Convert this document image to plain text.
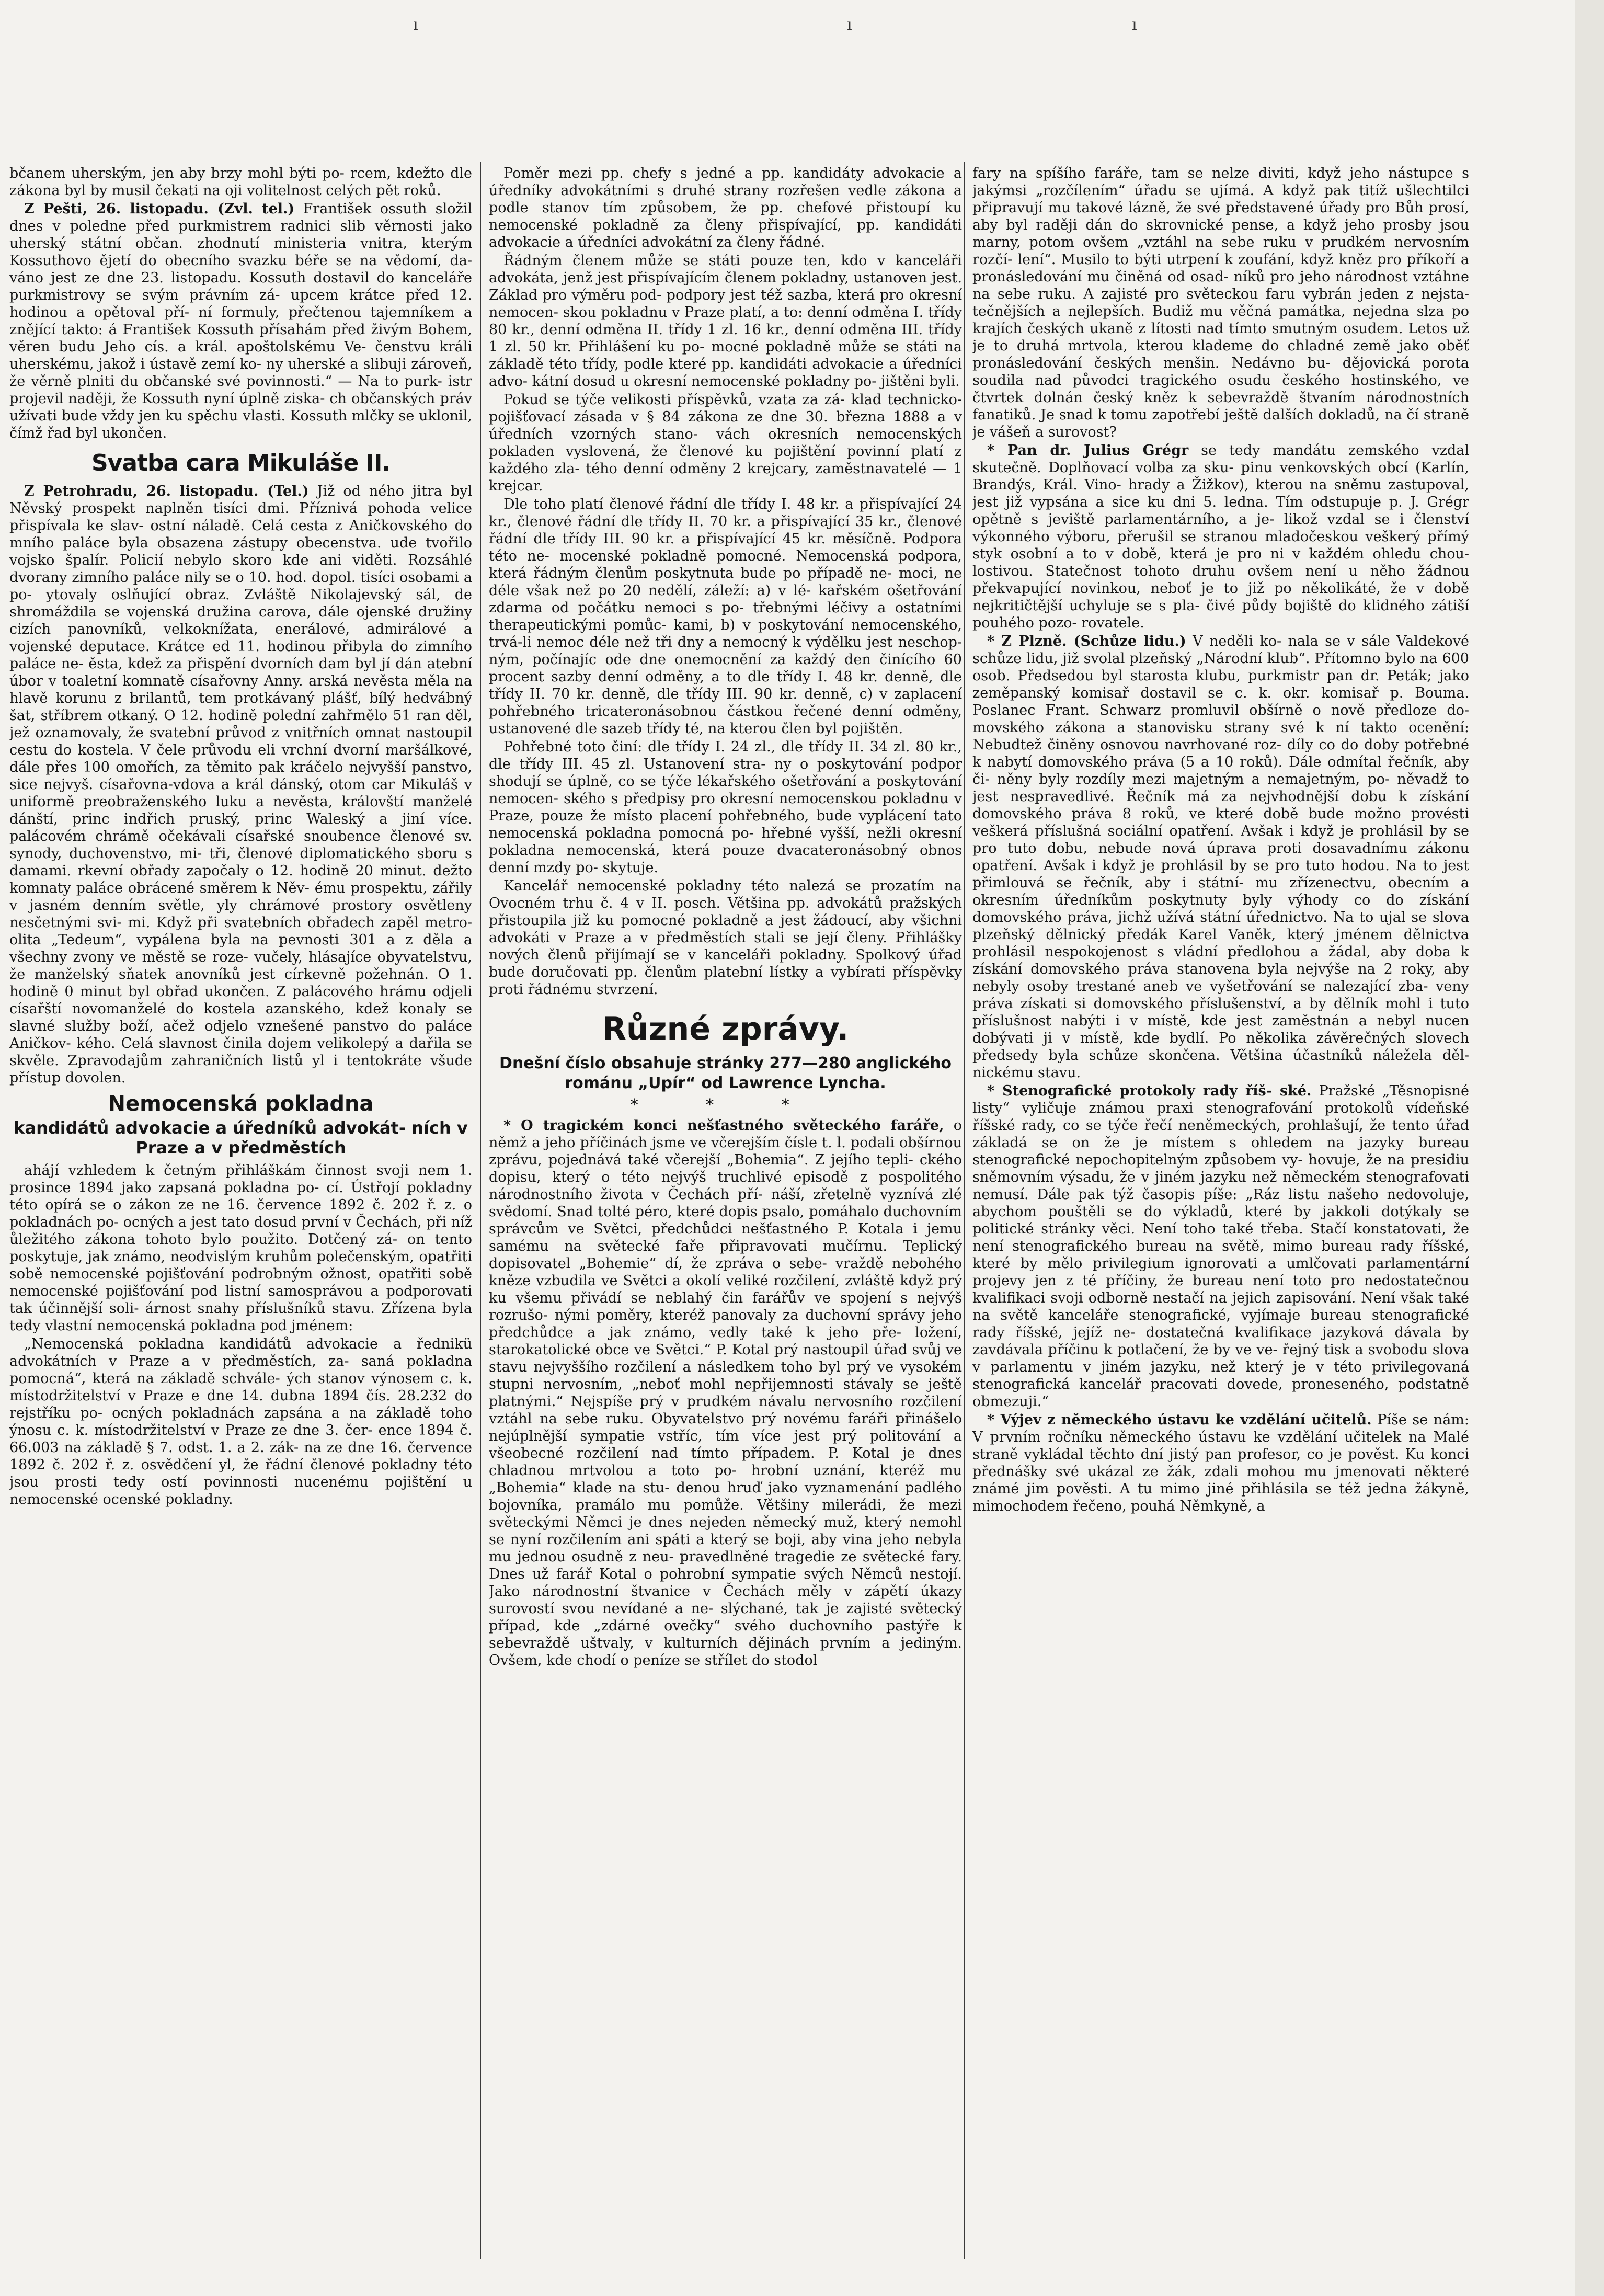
ı	ı	ı

bčanem uherským, jen aby brzy mohl býti po- rcem, kdežto dle zákona byl by musil čekati na oji volitelnost celých pět roků.

Z Pešti, 26. listopadu. (Zvl. tel.) František ossuth složil dnes v poledne před purkmistrem radnici slib věrnosti jako uherský státní občan. zhodnutí ministeria vnitra, kterým Kossuthovo ějetí do obecního svazku béře se na vědomí, da- váno jest ze dne 23. listopadu. Kossuth dostavil do kanceláře purkmistrovy se svým právním zá- upcem krátce před 12. hodinou a opětoval pří- ní formuly, přečtenou tajemníkem a znějící takto: á František Kossuth přísahám před živým Bohem, věren budu Jeho cís. a král. apoštolskému Ve- čenstvu králi uherskému, jakož i ústavě zemí ko- ny uherské a slibuji zároveň, že věrně plniti du občanské své povinnosti.“ — Na to purk- istr projevil naději, že Kossuth nyní úplně ziska- ch občanských práv užívati bude vždy jen ku spěchu vlasti. Kossuth mlčky se uklonil, čímž řad byl ukončen.

Svatba cara Mikuláše II.

Z Petrohradu, 26. listopadu. (Tel.) Již od ného jitra byl Něvský prospekt naplněn tisíci dmi. Příznivá pohoda velice přispívala ke slav- ostní náladě. Celá cesta z Aničkovského do mního paláce byla obsazena zástupy obecenstva. ude tvořilo vojsko špalír. Policií nebylo skoro kde ani viděti. Rozsáhlé dvorany zimního paláce nily se o 10. hod. dopol. tisíci osobami a po- ytovaly oslňující obraz. Zvláště Nikolajevský sál, de shromáždila se vojenská družina carova, dále ojenské družiny cizích panovníků, velkoknížata, enerálové, admirálové a vojenské deputace. Krátce ed 11. hodinou přibyla do zimního paláce ne- ěsta, kdež za přispění dvorních dam byl jí dán atební úbor v toaletní komnatě císařovny Anny. arská nevěsta měla na hlavě korunu z brilantů, tem protkávaný plášť, bílý hedvábný šat, stříbrem otkaný. O 12. hodině polední zahřmělo 51 ran děl, jež oznamovaly, že svatební průvod z vnitřních omnat nastoupil cestu do kostela. V čele průvodu eli vrchní dvorní maršálkové, dále přes 100 omořích, za těmito pak kráčelo nejvyšší panstvo, sice nejvyš. císařovna-vdova a král dánský, otom car Mikuláš v uniformě preobraženského luku a nevěsta, královští manželé dánští, princ indřich pruský, princ Waleský a jiní více. palácovém chrámě očekávali císařské snoubence členové sv. synody, duchovenstvo, mi- tři, členové diplomatického sboru s damami. rkevní obřady započaly o 12. hodině 20 minut. dežto komnaty paláce obrácené směrem k Něv- ému prospektu, zářily v jasném denním světle, yly chrámové prostory osvětleny nesčetnými svi- mi. Když při svatebních obřadech zapěl metro- olita „Tedeum“, vypálena byla na pevnosti 301 a z děla a všechny zvony ve městě se roze- vučely, hlásajíce obyvatelstvu, že manželský sňatek anovníků jest církevně požehnán. O 1. hodině 0 minut byl obřad ukončen. Z palácového hrámu odjeli císařští novomanželé do kostela azanského, kdež konaly se slavné služby boží, ačež odjelo vznešené panstvo do paláce Aničkov- kého. Celá slavnost činila dojem velikolepý a dařila se skvěle. Zpravodajům zahraničních listů yl i tentokráte všude přístup dovolen.

Nemocenská pokladna
kandidátů advokacie a úředníků advokát- ních v Praze a v předměstích

ahájí vzhledem k četným přihláškám činnost svoji nem 1. prosince 1894 jako zapsaná pokladna po- cí. Ústřojí pokladny této opírá se o zákon ze ne 16. července 1892 č. 202 ř. z. o pokladnách po- ocných a jest tato dosud první v Čechách, při níž ůležitého zákona tohoto bylo použito. Dotčený zá- on tento poskytuje, jak známo, neodvislým kruhům polečenským, opatřiti sobě nemocenské pojišťování podrobným ožnost, opatřiti sobě nemocenské pojišťování pod listní samosprávou a podporovati tak účinnější soli- árnost snahy příslušníků stavu. Zřízena byla tedy vlastní nemocenská pokladna pod jménem:

„Nemocenská pokladna kandidátů advokacie a řednikü advokátních v Praze a v předměstích, za- saná pokladna pomocná“, která na základě schvále- ých stanov výnosem c. k. místodržitelství v Praze e dne 14. dubna 1894 čís. 28.232 do rejstříku po- ocných pokladnách zapsána a na základě toho ýnosu c. k. místodržitelství v Praze ze dne 3. čer- ence 1894 č. 66.003 na základě § 7. odst. 1. a 2. zák- na ze dne 16. července 1892 č. 202 ř. z. osvědčení yl, že řádní členové pokladny této jsou prosti tedy ostí povinnosti nucenému pojištění u nemocenské ocenské pokladny.

Poměr mezi pp. chefy s jedné a pp. kandidáty advokacie a úředníky advokátními s druhé strany rozřešen vedle zákona a podle stanov tím způsobem, že pp. chefové přistoupí ku nemocenské pokladně za členy přispívající, pp. kandidáti advokacie a úředníci advokátní za členy řádné.

Řádným členem může se státi pouze ten, kdo v kanceláři advokáta, jenž jest přispívajícím členem pokladny, ustanoven jest. Základ pro výměru pod- podpory jest též sazba, která pro okresní nemocen- skou pokladnu v Praze platí, a to: denní odměna I. třídy 80 kr., denní odměna II. třídy 1 zl. 16 kr., denní odměna III. třídy 1 zl. 50 kr. Přihlášení ku po- mocné pokladně může se státi na základě této třídy, podle které pp. kandidáti advokacie a úředníci advo- kátní dosud u okresní nemocenské pokladny po- jištěni byli.

Pokud se týče velikosti příspěvků, vzata za zá- klad technicko-pojišťovací zásada v § 84 zákona ze dne 30. března 1888 a v úředních vzorných stano- vách okresních nemocenských pokladen vyslovená, že členové ku pojištění povinní platí z každého zla- tého denní odměny 2 krejcary, zaměstnavatelé — 1 krejcar.

Dle toho platí členové řádní dle třídy I. 48 kr. a přispívající 24 kr., členové řádní dle třídy II. 70 kr. a přispívající 35 kr., členové řádní dle třídy III. 90 kr. a přispívající 45 kr. měsíčně. Podpora této ne- mocenské pokladně pomocné. Nemocenská podpora, která řádným členům poskytnuta bude po případě ne- moci, ne déle však než po 20 nedělí, záleží: a) v lé- kařském ošetřování zdarma od počátku nemoci s po- třebnými léčivy a ostatními therapeutickými pomůc- kami, b) v poskytování nemocenského, trvá-li nemoc déle než tři dny a nemocný k výdělku jest neschop- ným, počínajíc ode dne onemocnění za každý den činícího 60 procent sazby denní odměny, a to dle třídy I. 48 kr. denně, dle třídy II. 70 kr. denně, dle třídy III. 90 kr. denně, c) v zaplacení pohřebného tricateronásobnou částkou řečené denní odměny, ustanovené dle sazeb třídy té, na kterou člen byl pojištěn.

Pohřebné toto činí: dle třídy I. 24 zl., dle třídy II. 34 zl. 80 kr., dle třídy III. 45 zl. Ustanovení stra- ny o poskytování podpor shodují se úplně, co se týče lékařského ošetřování a poskytování nemocen- ského s předpisy pro okresní nemocenskou pokladnu v Praze, pouze že místo placení pohřebného, bude vyplácení tato nemocenská pokladna pomocná po- hřebné vyšší, nežli okresní pokladna nemocenská, která pouze dvacateronásobný obnos denní mzdy po- skytuje.

Kancelář nemocenské pokladny této nalezá se prozatím na Ovocném trhu č. 4 v II. posch. Většina pp. advokátů pražských přistoupila již ku pomocné pokladně a jest žádoucí, aby všichni advokáti v Praze a v předměstích stali se její členy. Přihlášky nových členů přijímají se v kanceláři pokladny. Spolkový úřad bude doručovati pp. členům platební lístky a vybírati příspěvky proti řádnému stvrzení.

Různé zprávy.

Dnešní číslo obsahuje stránky 277—280 anglického románu „Upír“ od Lawrence Lyncha.

* * *

* O tragickém konci nešťastného světeckého faráře, o němž a jeho příčinách jsme ve včerejším čísle t. l. podali obšírnou zprávu, pojednává také včerejší „Bohemia“. Z jejího tepli- ckého dopisu, který o této nejvýš truchlivé episodě z pospolitého národnostního života v Čechách pří- náší, zřetelně vyznívá zlé svědomí. Snad tolté péro, které dopis psalo, pomáhalo duchovním správcům ve Světci, předchůdci nešťastného P. Kotala i jemu samému na světecké faře připravovati mučírnu. Teplický dopisovatel „Bohemie“ dí, že zpráva o sebe- vraždě nebohého kněze vzbudila ve Světci a okolí veliké rozčilení, zvláště když prý ku všemu přivádí se neblahý čin farářův ve spojení s nejvýš rozrušo- nými poměry, kteréž panovaly za duchovní správy jeho předchůdce a jak známo, vedly také k jeho pře- ložení, starokatolické obce ve Světci.“ P. Kotal prý nastoupil úřad svůj ve stavu nejvyššího rozčilení a následkem toho byl prý ve vysokém stupni nervosním, „neboť mohl nepřijemnosti stávaly se ještě platnými.“ Nejspíše prý v prudkém návalu nervosního rozčilení vztáhl na sebe ruku. Obyvatelstvo prý novému faráři přinášelo nejúplnější sympatie vstříc, tím více jest prý politování a všeobecné rozčilení nad tímto případem. P. Kotal je dnes chladnou mrtvolou a toto po- hrobní uznání, kteréž mu „Bohemia“ klade na stu- denou hruď jako vyznamenání padlého bojovníka, pramálo mu pomůže. Většiny milerádi, že mezi světeckými Němci je dnes nejeden německý muž, který nemohl se nyní rozčilením ani spáti a který se boji, aby vina jeho nebyla mu jednou osudně z neu- pravedlněné tragedie ze světecké fary. Dnes už farář Kotal o pohrobní sympatie svých Němců nestojí. Jako národnostní štvanice v Čechách měly v zápětí úkazy surovostí svou nevídané a ne- slýchané, tak je zajisté světecký případ, kde „zdárné ovečky“ svého duchovního pastýře k sebevraždě uštvaly, v kulturních dějinách prvním a jediným. Ovšem, kde chodí o peníze se střílet do stodol

fary na spíšího faráře, tam se nelze diviti, když jeho nástupce s jakýmsi „rozčílením“ úřadu se ujímá. A když pak titíž ušlechtilci připravují mu takové lázně, že své představené úřady pro Bůh prosí, aby byl raději dán do skrovnické pense, a když jeho prosby jsou marny, potom ovšem „vztáhl na sebe ruku v prudkém nervosním rozčí- lení“. Musilo to býti utrpení k zoufání, když kněz pro příkoří a pronásledování mu činěná od osad- níků pro jeho národnost vztáhne na sebe ruku. A zajisté pro světeckou faru vybrán jeden z nejsta- tečnějších a nejlepších. Budiž mu věčná památka, nejedna slza po krajích českých ukaně z lítosti nad tímto smutným osudem. Letos už je to druhá mrtvola, kterou klademe do chladné země jako oběť pronásledování českých menšin. Nedávno bu- dějovická porota soudila nad původci tragického osudu českého hostinského, ve čtvrtek dolnán český kněz k sebevraždě štvaním národnostních fanatiků. Je snad k tomu zapotřebí ještě dalších dokladů, na čí straně je vášeň a surovost?

* Pan dr. Julius Grégr se tedy mandátu zemského vzdal skutečně. Doplňovací volba za sku- pinu venkovských obcí (Karlín, Brandýs, Král. Vino- hrady a Žižkov), kterou na sněmu zastupoval, jest již vypsána a sice ku dni 5. ledna. Tím odstupuje p. J. Grégr opětně s jeviště parlamentárního, a je- likož vzdal se i členství výkonného výboru, přerušil se stranou mladočeskou veškerý přímý styk osobní a to v době, která je pro ni v každém ohledu chou- lostivou. Statečnost tohoto druhu ovšem není u něho žádnou překvapující novinkou, neboť je to již po několikáté, že v době nejkritičtější uchyluje se s pla- čivé půdy bojiště do klidného zátiší pouhého pozo- rovatele.

* Z Plzně. (Schůze lidu.) V neděli ko- nala se v sále Valdekové schůze lidu, již svolal plzeňský „Národní klub“. Přítomno bylo na 600 osob. Předsedou byl starosta klubu, purkmistr pan dr. Peták; jako zeměpanský komisař dostavil se c. k. okr. komisař p. Bouma. Poslanec Frant. Schwarz promluvil obšírně o nově předloze do- movského zákona a stanovisku strany své k ní takto ocenění: Nebudtež činěny osnovou navrhované roz- díly co do doby potřebné k nabytí domovského práva (5 a 10 roků). Dále odmítal řečník, aby či- něny byly rozdíly mezi majetným a nemajetným, po- něvadž to jest nespravedlivé. Řečník má za nejvhodnější dobu k získání domovského práva 8 roků, ve které době bude možno provésti veškerá příslušná sociální opatření. Avšak i když je prohlásil by se pro tuto dobu, nebude nová úprava proti dosavadnímu zákonu opatření. Avšak i když je prohlásil by se pro tuto hodou. Na to jest přimlouvá se řečník, aby i státní- mu zřízenectvu, obecním a okresním úředníkům poskytnuty byly výhody co do získání domovského práva, jichž užívá státní úřednictvo. Na to ujal se slova plzeňský dělnický předák Karel Vaněk, který jménem dělnictva prohlásil nespokojenost s vládní předlohou a žádal, aby doba k získání domovského práva stanovena byla nejvýše na 2 roky, aby nebyly osoby trestané aneb ve vyšetřování se nalezající zba- veny práva získati si domovského příslušenství, a by dělník mohl i tuto příslušnost nabýti i v místě, kde jest zaměstnán a nebyl nucen dobývati ji v místě, kde bydlí. Po několika závěrečných slovech předsedy byla schůze skončena. Většina účastníků náležela děl- nickému stavu.

* Stenografické protokoly rady říš- ské. Pražské „Těsnopisné listy“ vyličuje známou praxi stenografování protokolů vídeňské říšské rady, co se týče řečí neněmeckých, prohlašují, že tento úřad základá se on že je místem s ohledem na jazyky bureau stenografické nepochopitelným způsobem vy- hovuje, že na presidiu sněmovním výsadu, že v jiném jazyku než německém stenografovati nemusí. Dále pak týž časopis píše: „Ráz listu našeho nedovoluje, abychom pouštěli se do výkladů, které by jakkoli dotýkaly se politické stránky věci. Není toho také třeba. Stačí konstatovati, že není stenografického bureau na světě, mimo bureau rady říšské, které by mělo privilegium ignorovati a umlčovati parlamentární projevy jen z té příčiny, že bureau není toto pro nedostatečnou kvalifikaci svoji odborně nestačí na jejich zapisování. Není však také na světě kanceláře stenografické, vyjímaje bureau stenografické rady říšské, jejíž ne- dostatečná kvalifikace jazyková dávala by zavdávala příčinu k potlačení, že by ve ve- řejný tisk a svobodu slova v parlamentu v jiném jazyku, než který je v této privilegovaná stenografická kancelář pracovati dovede, proneseného, podstatně obmezuji.“

* Výjev z německého ústavu ke vzdělání učitelů. Píše se nám: V prvním ročníku německého ústavu ke vzdělání učitelek na Malé straně vykládal těchto dní jistý pan profesor, co je pověst. Ku konci přednášky své ukázal ze žák, zdali mohou mu jmenovati některé známé jim pověsti. A tu mimo jiné přihlásila se též jedna žákyně, mimochodem řečeno, pouhá Němkyně, a
